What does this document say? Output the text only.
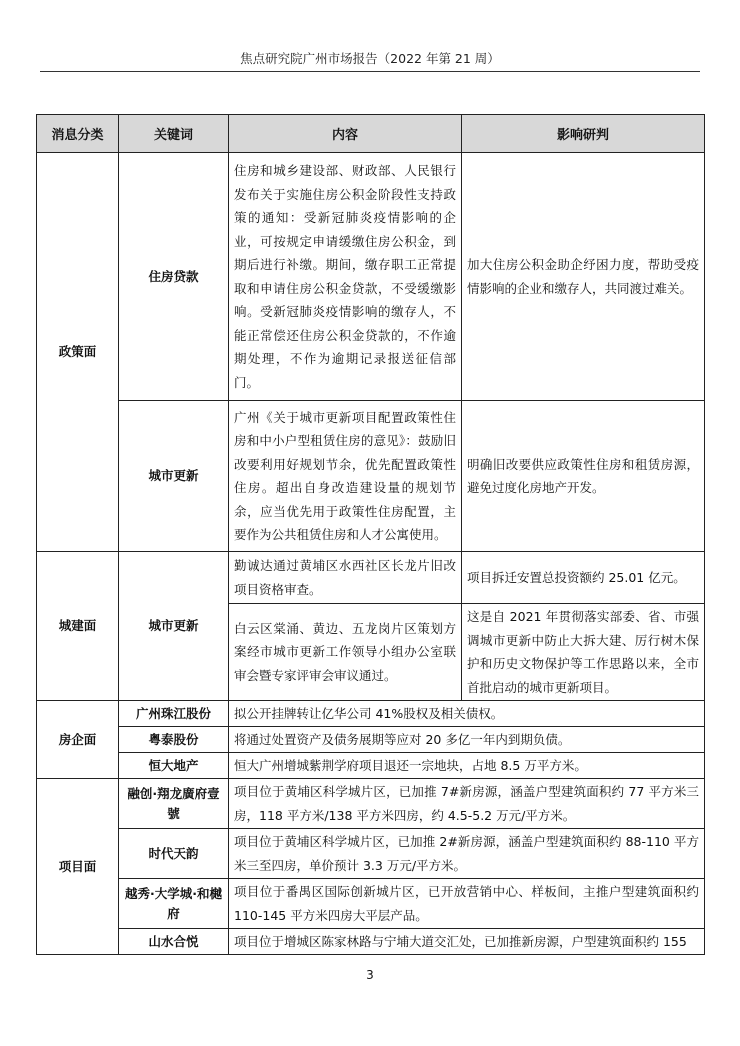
焦点研究院广州市场报告（2022 年第 21 周）
消息分类	关键词	内容	影响研判
政策面	住房贷款	住房和城乡建设部、财政部、人民银行发布关于实施住房公积金阶段性支持政策的通知：受新冠肺炎疫情影响的企业，可按规定申请缓缴住房公积金，到期后进行补缴。期间，缴存职工正常提取和申请住房公积金贷款，不受缓缴影响。受新冠肺炎疫情影响的缴存人，不能正常偿还住房公积金贷款的，不作逾期处理，不作为逾期记录报送征信部门。	加大住房公积金助企纾困力度，帮助受疫情影响的企业和缴存人，共同渡过难关。
	城市更新	广州《关于城市更新项目配置政策性住房和中小户型租赁住房的意见》：鼓励旧改要利用好规划节余，优先配置政策性住房。超出自身改造建设量的规划节余，应当优先用于政策性住房配置，主要作为公共租赁住房和人才公寓使用。	明确旧改要供应政策性住房和租赁房源，避免过度化房地产开发。
城建面	城市更新	勤诚达通过黄埔区水西社区长龙片旧改项目资格审查。	项目拆迁安置总投资额约 25.01 亿元。
		白云区棠涌、黄边、五龙岗片区策划方案经市城市更新工作领导小组办公室联审会暨专家评审会审议通过。	这是自 2021 年贯彻落实部委、省、市强调城市更新中防止大拆大建、厉行树木保护和历史文物保护等工作思路以来，全市首批启动的城市更新项目。
房企面	广州珠江股份	拟公开挂牌转让亿华公司 41%股权及相关债权。	
	粤泰股份	将通过处置资产及债务展期等应对 20 多亿一年内到期负债。	
	恒大地产	恒大广州增城紫荆学府项目退还一宗地块，占地 8.5 万平方米。	
项目面	融创·翔龙廣府壹號	项目位于黄埔区科学城片区，已加推 7#新房源，涵盖户型建筑面积约 77 平方米三房，118 平方米/138 平方米四房，约 4.5-5.2 万元/平方米。	
	时代天韵	项目位于黄埔区科学城片区，已加推 2#新房源，涵盖户型建筑面积约 88-110 平方米三至四房，单价预计 3.3 万元/平方米。	
	越秀·大学城·和樾府	项目位于番禺区国际创新城片区，已开放营销中心、样板间，主推户型建筑面积约 110-145 平方米四房大平层产品。	
	山水合悦	项目位于增城区陈家林路与宁埔大道交汇处，已加推新房源，户型建筑面积约 155	
3
